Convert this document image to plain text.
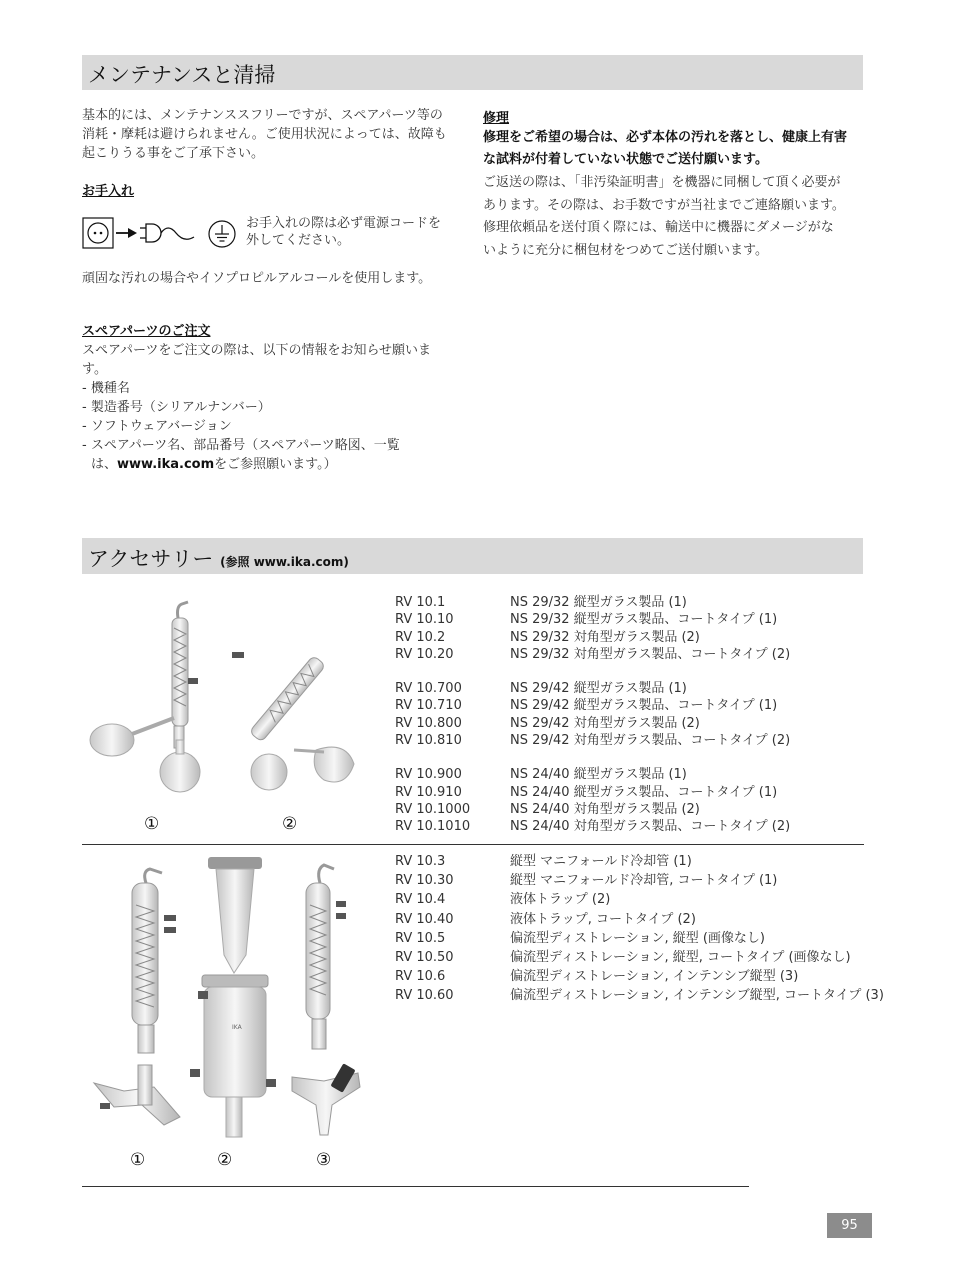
メンテナンスと清掃
基本的には、メンテナンススフリーですが、スペアパーツ等の
消耗・摩耗は避けられません。ご使用状況によっては、故障も
起こりうる事をご了承下さい。
お手入れ
お手入れの際は必ず電源コードを
外してください。
頑固な汚れの場合やイソプロピルアルコールを使用します。
スペアパーツのご注文
スペアパーツをご注文の際は、以下の情報をお知らせ願いま
す。
- 機種名
- 製造番号（シリアルナンバー）
- ソフトウェアバージョン
- スペアパーツ名、部品番号（スペアパーツ略図、一覧
は、www.ika.comをご参照願います。）
修理
修理をご希望の場合は、必ず本体の汚れを落とし、健康上有害
な試料が付着していない状態でご送付願います。
ご返送の際は、「非汚染証明書」を機器に同梱して頂く必要が
あります。その際は、お手数ですが当社までご連絡願います。
修理依頼品を送付頂く際には、輸送中に機器にダメージがな
いように充分に梱包材をつめてご送付願います。
アクセサリー (参照 www.ika.com)
①	②
RV 10.1	NS 29/32 縦型ガラス製品 (1)
RV 10.10	NS 29/32 縦型ガラス製品、コートタイプ (1)
RV 10.2	NS 29/32 対角型ガラス製品 (2)
RV 10.20	NS 29/32 対角型ガラス製品、コートタイプ (2)
RV 10.700	NS 29/42 縦型ガラス製品 (1)
RV 10.710	NS 29/42 縦型ガラス製品、コートタイプ (1)
RV 10.800	NS 29/42 対角型ガラス製品 (2)
RV 10.810	NS 29/42 対角型ガラス製品、コートタイプ (2)
RV 10.900	NS 24/40 縦型ガラス製品 (1)
RV 10.910	NS 24/40 縦型ガラス製品、コートタイプ (1)
RV 10.1000	NS 24/40 対角型ガラス製品 (2)
RV 10.1010	NS 24/40 対角型ガラス製品、コートタイプ (2)
IKA
①	②	③
RV 10.3	縦型 マニフォールド冷却管 (1)
RV 10.30	縦型 マニフォールド冷却管, コートタイプ (1)
RV 10.4	液体トラップ (2)
RV 10.40	液体トラップ, コートタイプ (2)
RV 10.5	偏流型ディストレーション, 縦型 (画像なし)
RV 10.50	偏流型ディストレーション, 縦型, コートタイプ (画像なし)
RV 10.6	偏流型ディストレーション, インテンシブ縦型 (3)
RV 10.60	偏流型ディストレーション, インテンシブ縦型, コートタイプ (3)
95
